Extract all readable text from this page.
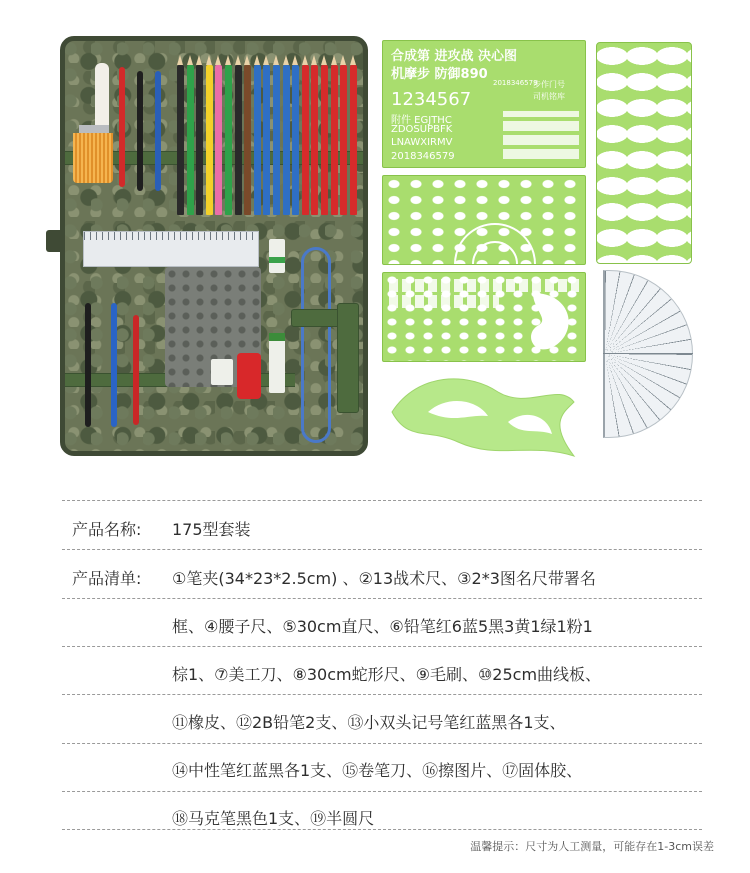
合成第 进攻战 决心图
机摩步 防御890
1234567
附件 EGJTHC
ZDOSUPBFK
LNAWXIRMV
2018346579
步作门号
司机铭库
2018346579
产品名称: 175型套装
产品清单: ①笔夹(34*23*2.5cm) 、②13战术尺、③2*3图名尺带署名
框、④腰子尺、⑤30cm直尺、⑥铅笔红6蓝5黑3黄1绿1粉1
棕1、⑦美工刀、⑧30cm蛇形尺、⑨毛刷、⑩25cm曲线板、
⑪橡皮、⑫2B铅笔2支、⑬小双头记号笔红蓝黑各1支、
⑭中性笔红蓝黑各1支、⑮卷笔刀、⑯擦图片、⑰固体胶、
⑱马克笔黑色1支、⑲半圆尺
温馨提示：尺寸为人工测量，可能存在1-3cm误差
